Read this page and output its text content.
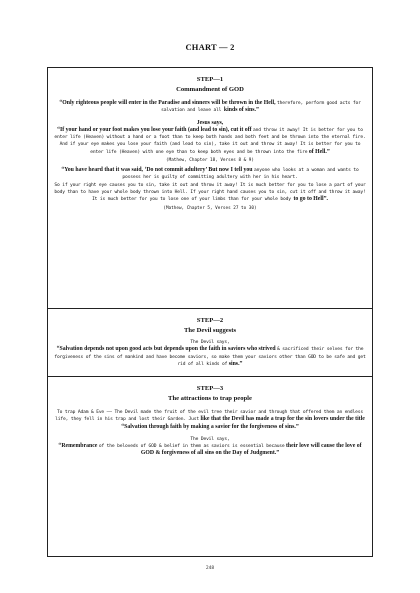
CHART — 2
STEP—1
Commandment of GOD

“Only righteous people will enter in the Paradise and sinners will be thrown in the Hell, therefore, perform good acts for salvation and leave all kinds of sins.”

Jesus says,

“If your hand or your foot makes you lose your faith (and lead to sin), cut it off and throw it away! It is better for you to enter life (Heaven) without a hand or a foot than to keep both hands and both feet and be thrown into the eternal fire. And if your eye makes you lose your faith (and lead to sin), take it out and throw it away! It is better for you to enter life (Heaven) with one eye than to keep both eyes and be thrown into the fire of Hell.”

(Mathew, Chapter 18, Verses 8 & 9)

“You have heard that it was said, ‘Do not commit adultery’ But now I tell you anyone who looks at a woman and wants to possess her is guilty of committing adultery with her in his heart.

So if your right eye causes you to sin, take it out and throw it away! It is much better for you to lose a part of your body than to have your whole body thrown into Hell. If your right hand causes you to sin, cut it off and throw it away! It is much better for you to lose one of your limbs than for your whole body to go to Hell”.

(Mathew, Chapter 5, Verses 27 to 30)

STEP—2
The Devil suggests

The Devil says,

“Salvation depends not upon good acts but depends upon the faith in saviors who strived & sacrificed their selves for the forgiveness of the sins of mankind and have become saviors, so make them your saviors other than GOD to be safe and get rid of all kinds of sins.”

STEP—3
The attractions to trap people

To trap Adam & Eve —— The Devil made the fruit of the evil tree their savior and through that offered them an endless life, they fell in his trap and lost their Garden. Just like that the Devil has made a trap for the sin lovers under the title “Salvation through faith by making a savior for the forgiveness of sins.”

The Devil says,

“Remembrance of the beloveds of GOD & belief in them as saviors is essential because their love will cause the love of GOD & forgiveness of all sins on the Day of Judgment.”

248
